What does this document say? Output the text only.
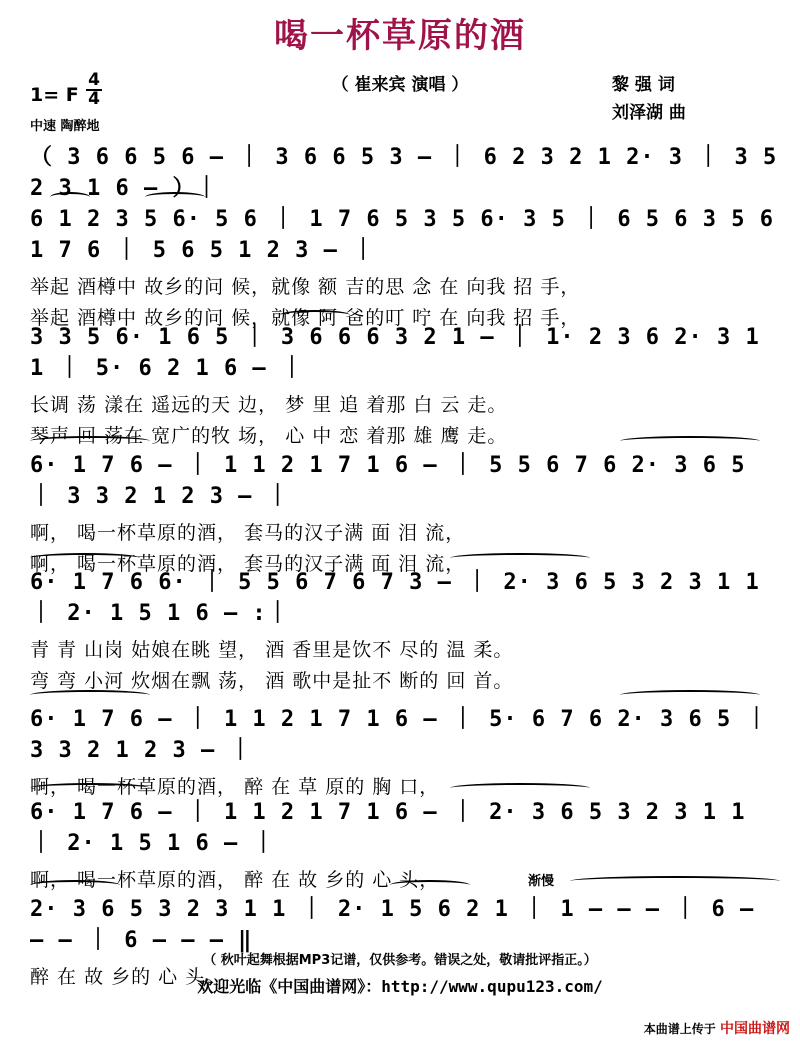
喝一杯草原的酒
（ 崔来宾 演唱 ）	黎 强 词
刘泽湖 曲
1= F
4
4
中速 陶醉地
（ 3 6 6 5 6 – ｜ 3 6 6 5 3 – ｜ 6 2 3 2 1 2· 3 ｜ 3 5 2 3 1 6 – ）｜
6 1 2 3 5 6· 5 6 ｜ 1 7 6 5 3 5 6· 3 5 ｜ 6 5 6 3 5 6 1 7 6 ｜ 5 6 5 1 2 3 – ｜
举起 酒樽中 故乡的问 候，就像 额 吉的思 念 在 向我 招 手，
举起 酒樽中 故乡的问 候，就像 阿 爸的叮 咛 在 向我 招 手，
3 3 5 6· 1 6 5 ｜ 3 6 6 6 3 2 1 – ｜ 1· 2 3 6 2· 3 1 1 ｜ 5· 6 2 1 6 – ｜
长调 荡 漾在 遥远的天 边， 梦 里 追 着那 白 云 走。
琴声 回 荡在 宽广的牧 场， 心 中 恋 着那 雄 鹰 走。
6· 1 7 6 – ｜ 1 1 2 1 7 1 6 – ｜ 5 5 6 7 6 2· 3 6 5 ｜ 3 3 2 1 2 3 – ｜
啊， 喝一杯草原的酒， 套马的汉子满 面 泪 流，
啊， 喝一杯草原的酒， 套马的汉子满 面 泪 流，
6· 1 7 6 6· ｜ 5 5 6 7 6 7 3 – ｜ 2· 3 6 5 3 2 3 1 1 ｜ 2· 1 5 1 6 – :｜
青 青 山岗 姑娘在眺 望， 酒 香里是饮不 尽的 温 柔。
弯 弯 小河 炊烟在飘 荡， 酒 歌中是扯不 断的 回 首。
6· 1 7 6 – ｜ 1 1 2 1 7 1 6 – ｜ 5· 6 7 6 2· 3 6 5 ｜ 3 3 2 1 2 3 – ｜
啊， 喝一杯草原的酒， 醉 在 草 原的 胸 口，
6· 1 7 6 – ｜ 1 1 2 1 7 1 6 – ｜ 2· 3 6 5 3 2 3 1 1 ｜ 2· 1 5 1 6 – ｜
啊， 喝一杯草原的酒， 醉 在 故 乡的 心 头，	渐慢
2· 3 6 5 3 2 3 1 1 ｜ 2· 1 5 6 2 1 ｜ 1 – – – ｜ 6 – – – ｜ 6 – – – ‖
醉 在 故 乡的 心 头。
（ 秋叶起舞根据MP3记谱，仅供参考。错误之处，敬请批评指正。）
欢迎光临《中国曲谱网》：http://www.qupu123.com/
本曲谱上传于 中国曲谱网
